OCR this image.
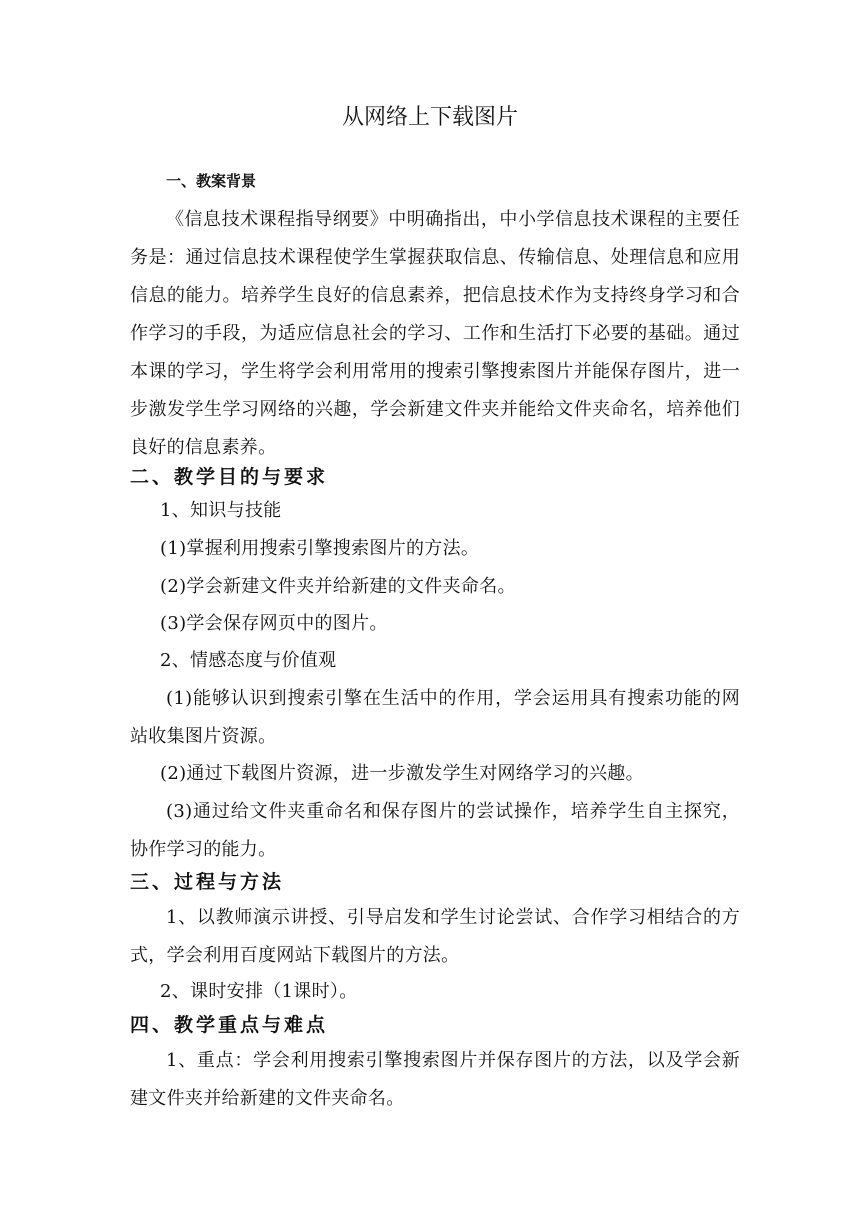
从网络上下载图片
一、教案背景

《信息技术课程指导纲要》中明确指出，中小学信息技术课程的主要任务是：通过信息技术课程使学生掌握获取信息、传输信息、处理信息和应用信息的能力。培养学生良好的信息素养，把信息技术作为支持终身学习和合作学习的手段，为适应信息社会的学习、工作和生活打下必要的基础。通过本课的学习，学生将学会利用常用的搜索引擎搜索图片并能保存图片，进一步激发学生学习网络的兴趣，学会新建文件夹并能给文件夹命名，培养他们良好的信息素养。

二、教学目的与要求
1、知识与技能
(1)掌握利用搜索引擎搜索图片的方法。
(2)学会新建文件夹并给新建的文件夹命名。
(3)学会保存网页中的图片。
2、情感态度与价值观

(1)能够认识到搜索引擎在生活中的作用，学会运用具有搜索功能的网站收集图片资源。

(2)通过下载图片资源，进一步激发学生对网络学习的兴趣。

(3)通过给文件夹重命名和保存图片的尝试操作，培养学生自主探究，协作学习的能力。

三、过程与方法

1、以教师演示讲授、引导启发和学生讨论尝试、合作学习相结合的方式，学会利用百度网站下载图片的方法。

2、课时安排（1课时）。
四、教学重点与难点

1、重点：学会利用搜索引擎搜索图片并保存图片的方法，以及学会新建文件夹并给新建的文件夹命名。
